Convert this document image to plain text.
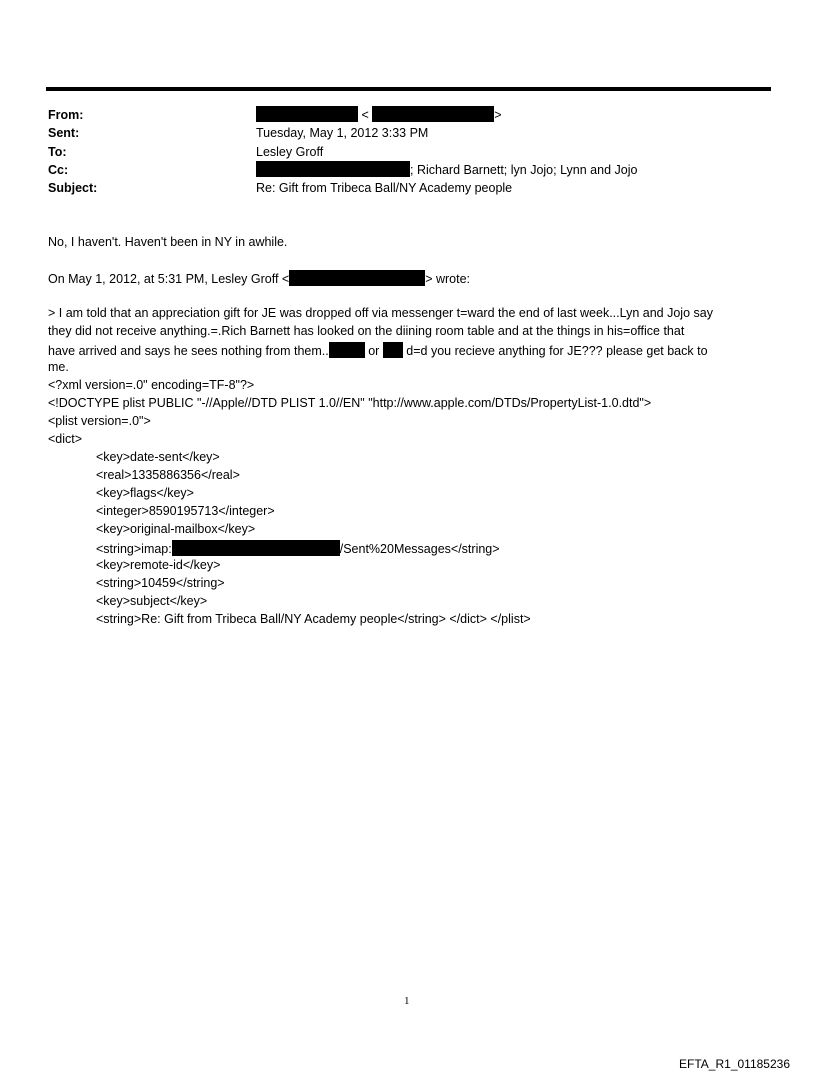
From:	<	>
Sent:	Tuesday, May 1, 2012 3:33 PM
To:	Lesley Groff
Cc:	; Richard Barnett; lyn Jojo; Lynn and Jojo
Subject:	Re: Gift from Tribeca Ball/NY Academy people
No, I haven't. Haven't been in NY in awhile.
On May 1, 2012, at 5:31 PM, Lesley Groff <	> wrote:
> I am told that an appreciation gift for JE was dropped off via messenger t=ward the end of last week...Lyn and Jojo say
they did not receive anything.=.Rich Barnett has looked on the diining room table and at the things in his=office that
have arrived and says he sees nothing from them..	or d=d you recieve anything for JE??? please get back to
me.
<?xml version=.0" encoding=TF-8"?>
<!DOCTYPE plist PUBLIC "-//Apple//DTD PLIST 1.0//EN" "http://www.apple.com/DTDs/PropertyList-1.0.dtd">
<plist version=.0">
<dict>
<key>date-sent</key>
<real>1335886356</real>
<key>flags</key>
<integer>8590195713</integer>
<key>original-mailbox</key>
<string>imap:	/Sent%20Messages</string>
<key>remote-id</key>
<string>10459</string>
<key>subject</key>
<string>Re: Gift from Tribeca Ball/NY Academy people</string> </dict> </plist>
1
EFTA_R1_01185236
